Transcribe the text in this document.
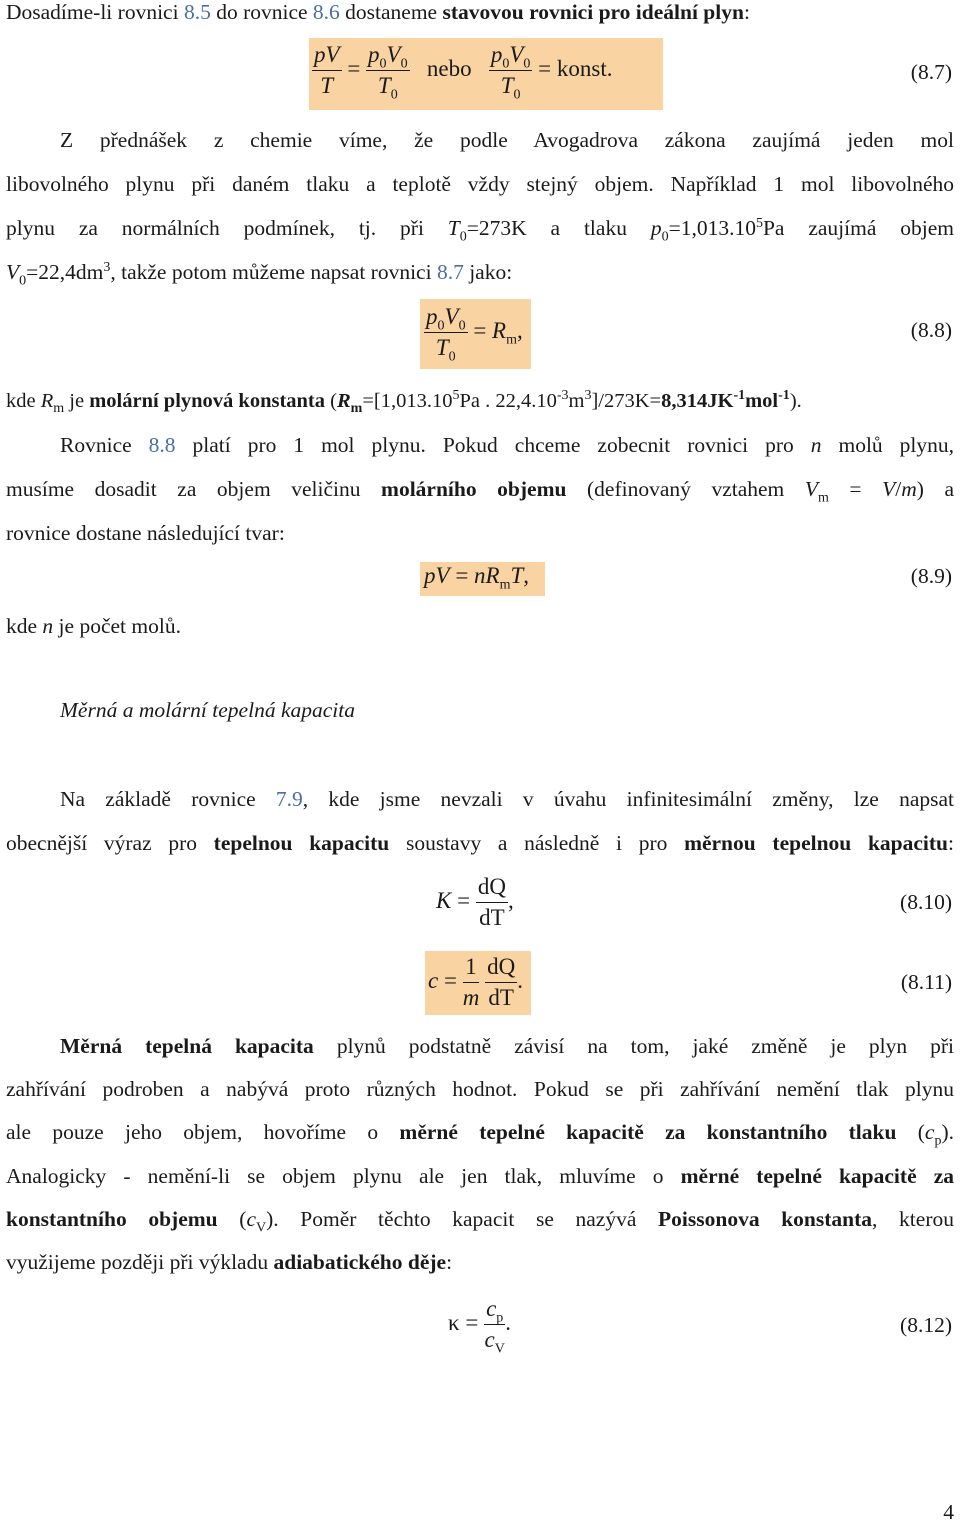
Dosadíme-li rovnici 8.5 do rovnice 8.6 dostaneme stavovou rovnici pro ideální plyn:
$\frac{pV}{T} = \frac{p_0V_0}{T_0}$ nebo $\frac{p_0V_0}{T_0}$ = konst.	(8.7)
Z přednášek z chemie víme, že podle Avogadrova zákona zaujímá jeden mol
libovolného plynu při daném tlaku a teplotě vždy stejný objem. Například 1 mol libovolného
plynu za normálních podmínek, tj. při $T_0=273K$ a tlaku $p_0=1,013.10^5Pa$ zaujímá objem
$V_0=22,4dm^3$, takže potom můžeme napsat rovnici 8.7 jako:
$\frac{p_0V_0}{T_0} = R_m$,	(8.8)
kde $R_m$ je molární plynová konstanta ($R_m=[1,013.10^5Pa$ . $22,4.10^{-3}m^3]/273K=8,314JK^{-1}mol^{-1}$).
Rovnice 8.8 platí pro 1 mol plynu. Pokud chceme zobecnit rovnici pro n molů plynu,
musíme dosadit za objem veličinu molárního objemu (definovaný vztahem $V_m = V/m$) a
rovnice dostane následující tvar:
pV = $nR_mT$,	(8.9)
kde n je počet molů.
Měrná a molární tepelná kapacita
Na základě rovnice 7.9, kde jsme nevzali v úvahu infinitesimální změny, lze napsat
obecnější výraz pro tepelnou kapacitu soustavy a následně i pro měrnou tepelnou kapacitu:
$K = \frac{dQ}{dT}$ ,	(8.10)
$c = \frac{1}{m}$
$\frac{dQ}{dT}$ .	(8.11)
Měrná tepelná kapacita plynů podstatně závisí na tom, jaké změně je plyn při
zahřívání podroben a nabývá proto různých hodnot. Pokud se při zahřívání nemění tlak plynu
ale pouze jeho objem, hovoříme o měrné tepelné kapacitě za konstantního tlaku $(c_p)$.
Analogicky - nemění-li se objem plynu ale jen tlak, mluvíme o měrné tepelné kapacitě za
konstantního objemu $(c_V)$. Poměr těchto kapacit se nazývá Poissonova konstanta, kterou
využijeme později při výkladu adiabatického děje:
$\kappa = \frac{c_p}{c_V}$ .	(8.12)
4
